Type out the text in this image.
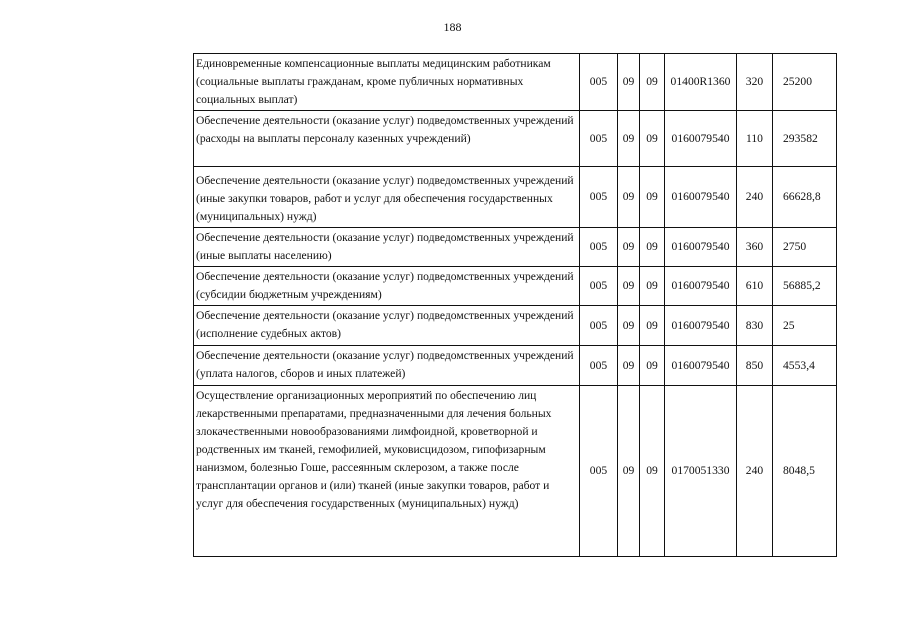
188
Единовременные компенсационные выплаты медицинским работникам (социальные выплаты гражданам, кроме публичных нормативных социальных выплат)	005	09	09	01400R1360	320	25200
Обеспечение деятельности (оказание услуг) подведомственных учреждений (расходы на выплаты персоналу казенных учреждений)	005	09	09	0160079540	110	293582
Обеспечение деятельности (оказание услуг) подведомственных учреждений (иные закупки товаров, работ и услуг для обеспечения государственных (муниципальных) нужд)	005	09	09	0160079540	240	66628,8
Обеспечение деятельности (оказание услуг) подведомственных учреждений (иные выплаты населению)	005	09	09	0160079540	360	2750
Обеспечение деятельности (оказание услуг) подведомственных учреждений (субсидии бюджетным учреждениям)	005	09	09	0160079540	610	56885,2
Обеспечение деятельности (оказание услуг) подведомственных учреждений (исполнение судебных актов)	005	09	09	0160079540	830	25
Обеспечение деятельности (оказание услуг) подведомственных учреждений (уплата налогов, сборов и иных платежей)	005	09	09	0160079540	850	4553,4
Осуществление организационных мероприятий по обеспечению лиц лекарственными препаратами, предназначенными для лечения больных злокачественными новообразованиями лимфоидной, кроветворной и родственных им тканей, гемофилией, муковисцидозом, гипофизарным нанизмом, болезнью Гоше, рассеянным склерозом, а также после трансплантации органов и (или) тканей (иные закупки товаров, работ и услуг для обеспечения государственных (муниципальных) нужд)	005	09	09	0170051330	240	8048,5
